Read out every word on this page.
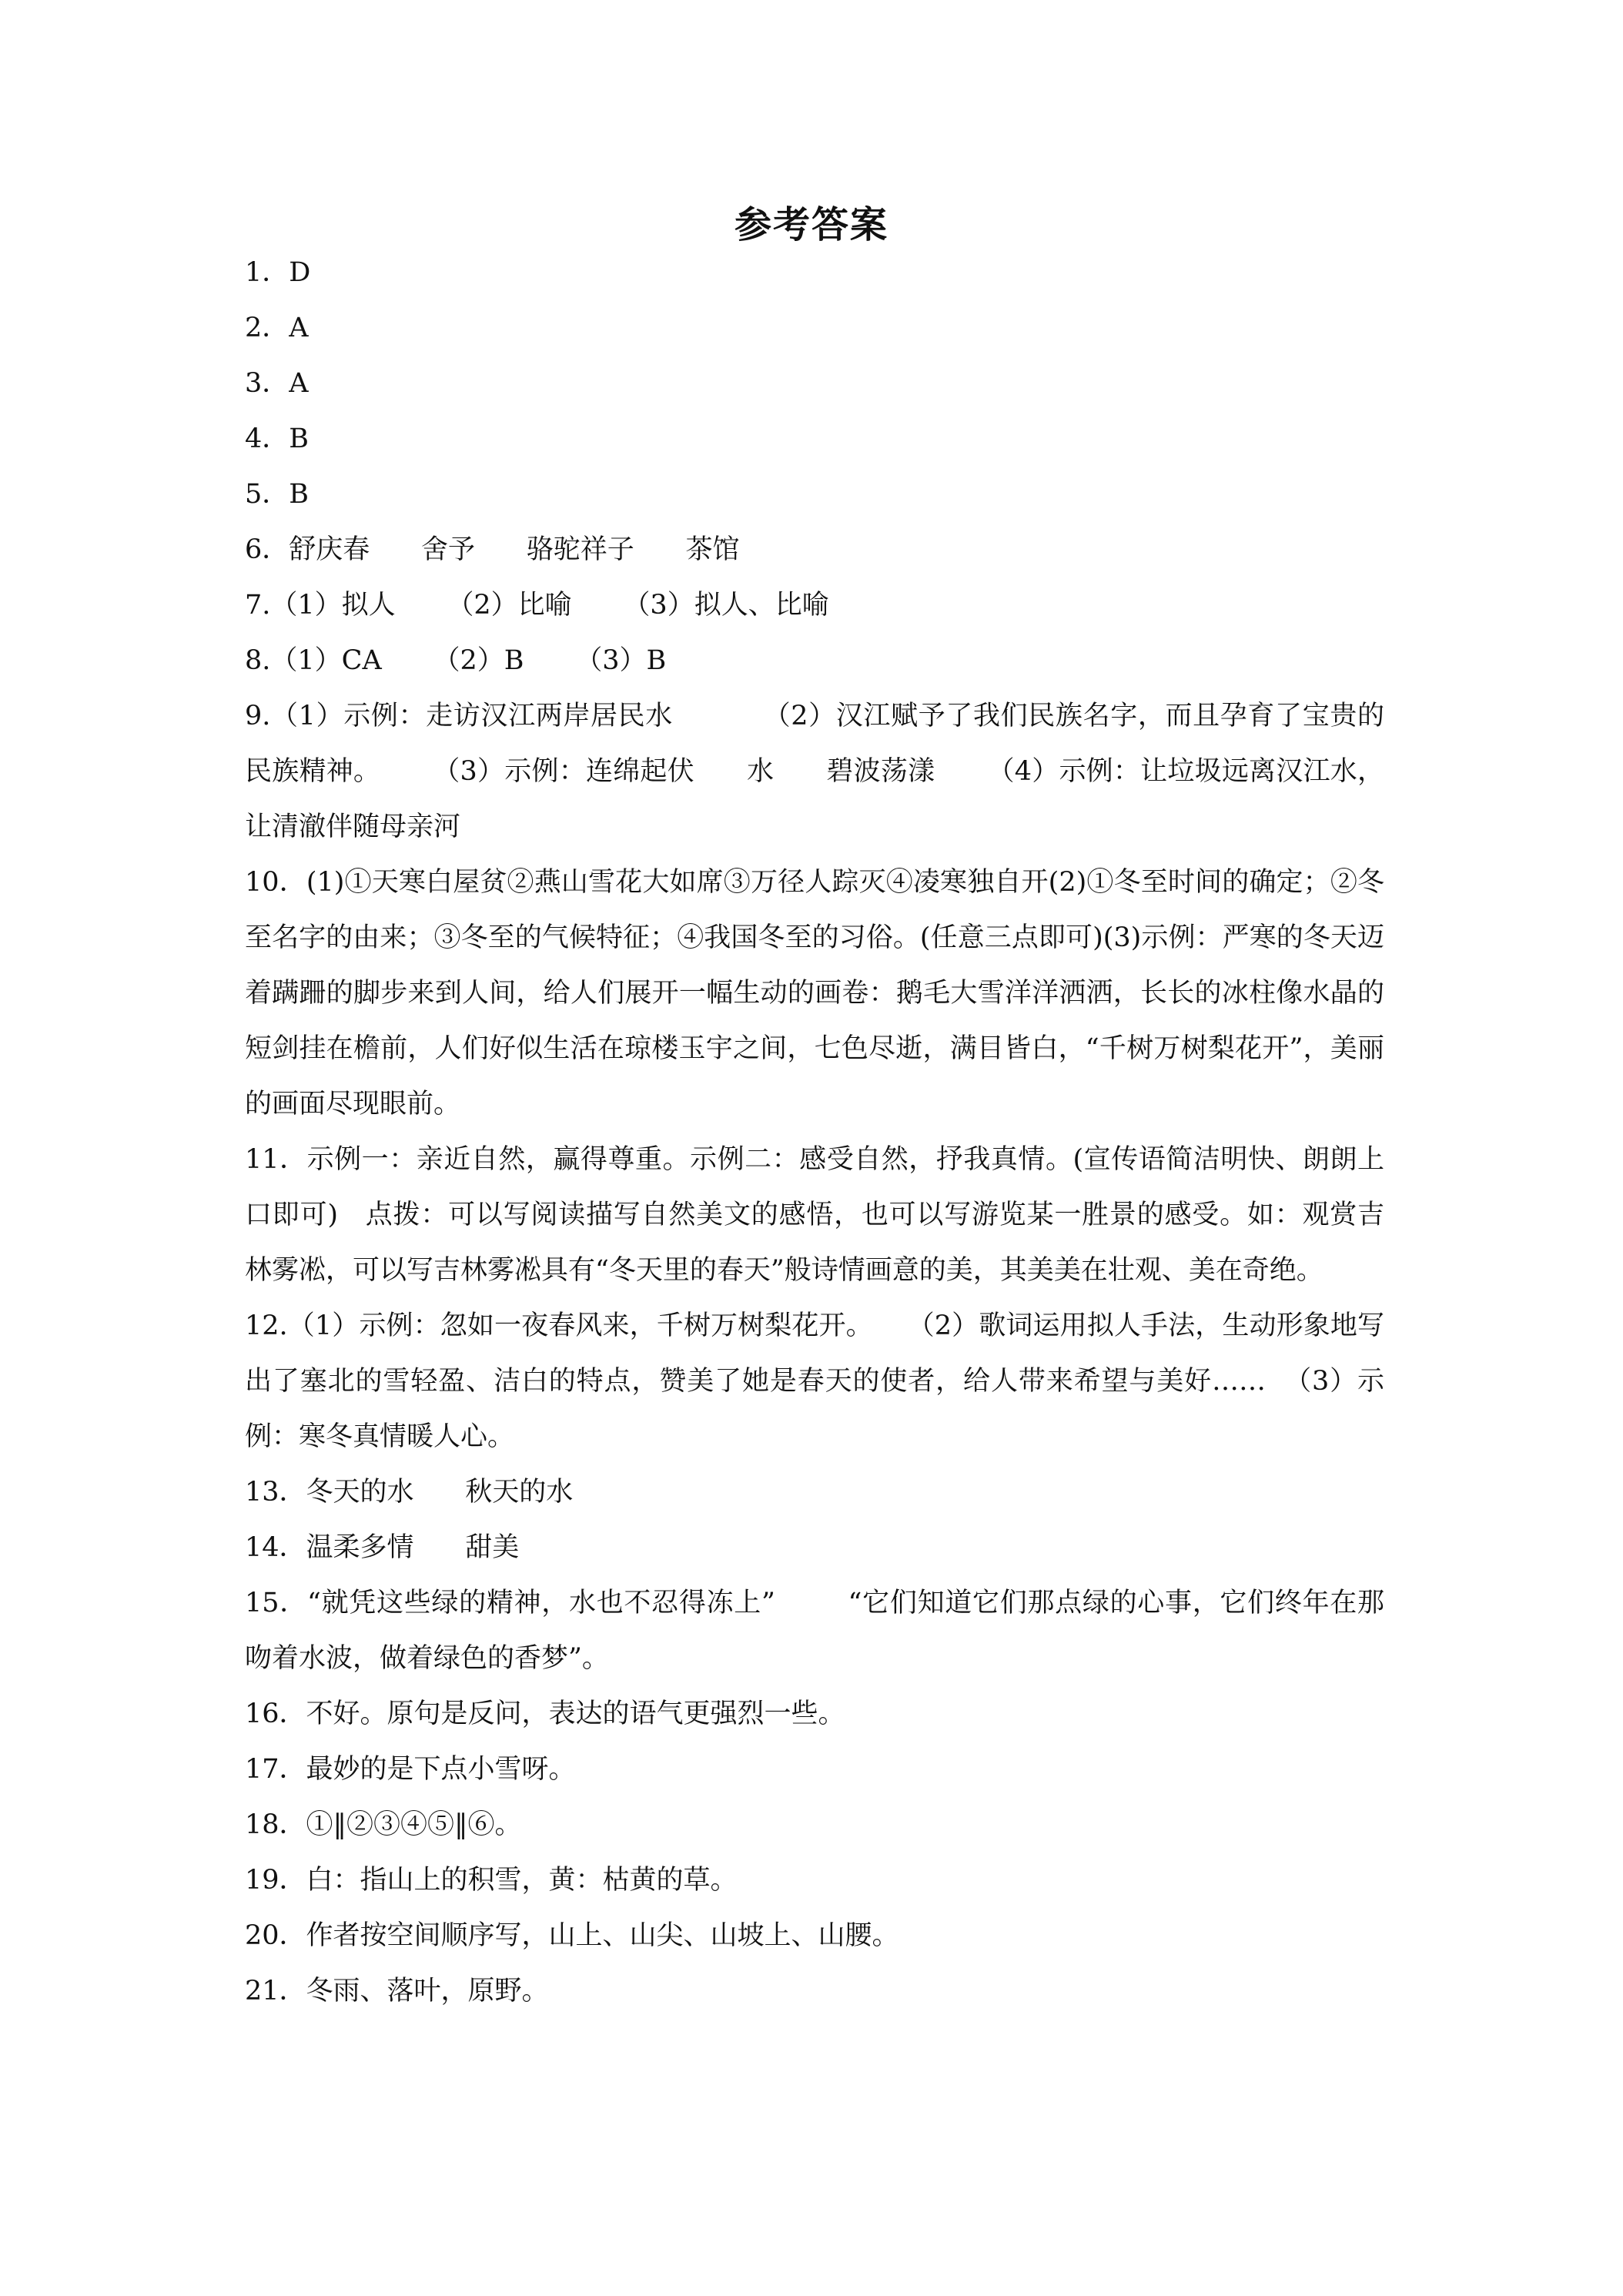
参考答案
1．D
2．A
3．A
4．B
5．B
6．舒庆春      舍予      骆驼祥子      茶馆
7.（1）拟人      （2）比喻      （3）拟人、比喻
8.（1）CA      （2）B      （3）B
9.（1）示例：走访汉江两岸居民水          （2）汉江赋予了我们民族名字，而且孕育了宝贵的民族精神。      （3）示例：连绵起伏      水      碧波荡漾      （4）示例：让垃圾远离汉江水，让清澈伴随母亲河
10．(1)①天寒白屋贫②燕山雪花大如席③万径人踪灭④凌寒独自开(2)①冬至时间的确定；②冬至名字的由来；③冬至的气候特征；④我国冬至的习俗。(任意三点即可)(3)示例：严寒的冬天迈着蹒跚的脚步来到人间，给人们展开一幅生动的画卷：鹅毛大雪洋洋洒洒，长长的冰柱像水晶的短剑挂在檐前，人们好似生活在琼楼玉宇之间，七色尽逝，满目皆白，“千树万树梨花开”，美丽的画面尽现眼前。
11．示例一：亲近自然，赢得尊重。示例二：感受自然，抒我真情。(宣传语简洁明快、朗朗上口即可)   点拨：可以写阅读描写自然美文的感悟，也可以写游览某一胜景的感受。如：观赏吉林雾凇，可以写吉林雾凇具有“冬天里的春天”般诗情画意的美，其美美在壮观、美在奇绝。
12.（1）示例：忽如一夜春风来，千树万树梨花开。    （2）歌词运用拟人手法，生动形象地写出了塞北的雪轻盈、洁白的特点，赞美了她是春天的使者，给人带来希望与美好……  （3）示例：寒冬真情暖人心。
13．冬天的水      秋天的水
14．温柔多情      甜美
15．“就凭这些绿的精神，水也不忍得冻上”        “它们知道它们那点绿的心事，它们终年在那吻着水波，做着绿色的香梦”。
16．不好。原句是反问，表达的语气更强烈一些。
17．最妙的是下点小雪呀。
18．①‖②③④⑤‖⑥。
19．白：指山上的积雪，黄：枯黄的草。
20．作者按空间顺序写，山上、山尖、山坡上、山腰。
21．冬雨、落叶，原野。
